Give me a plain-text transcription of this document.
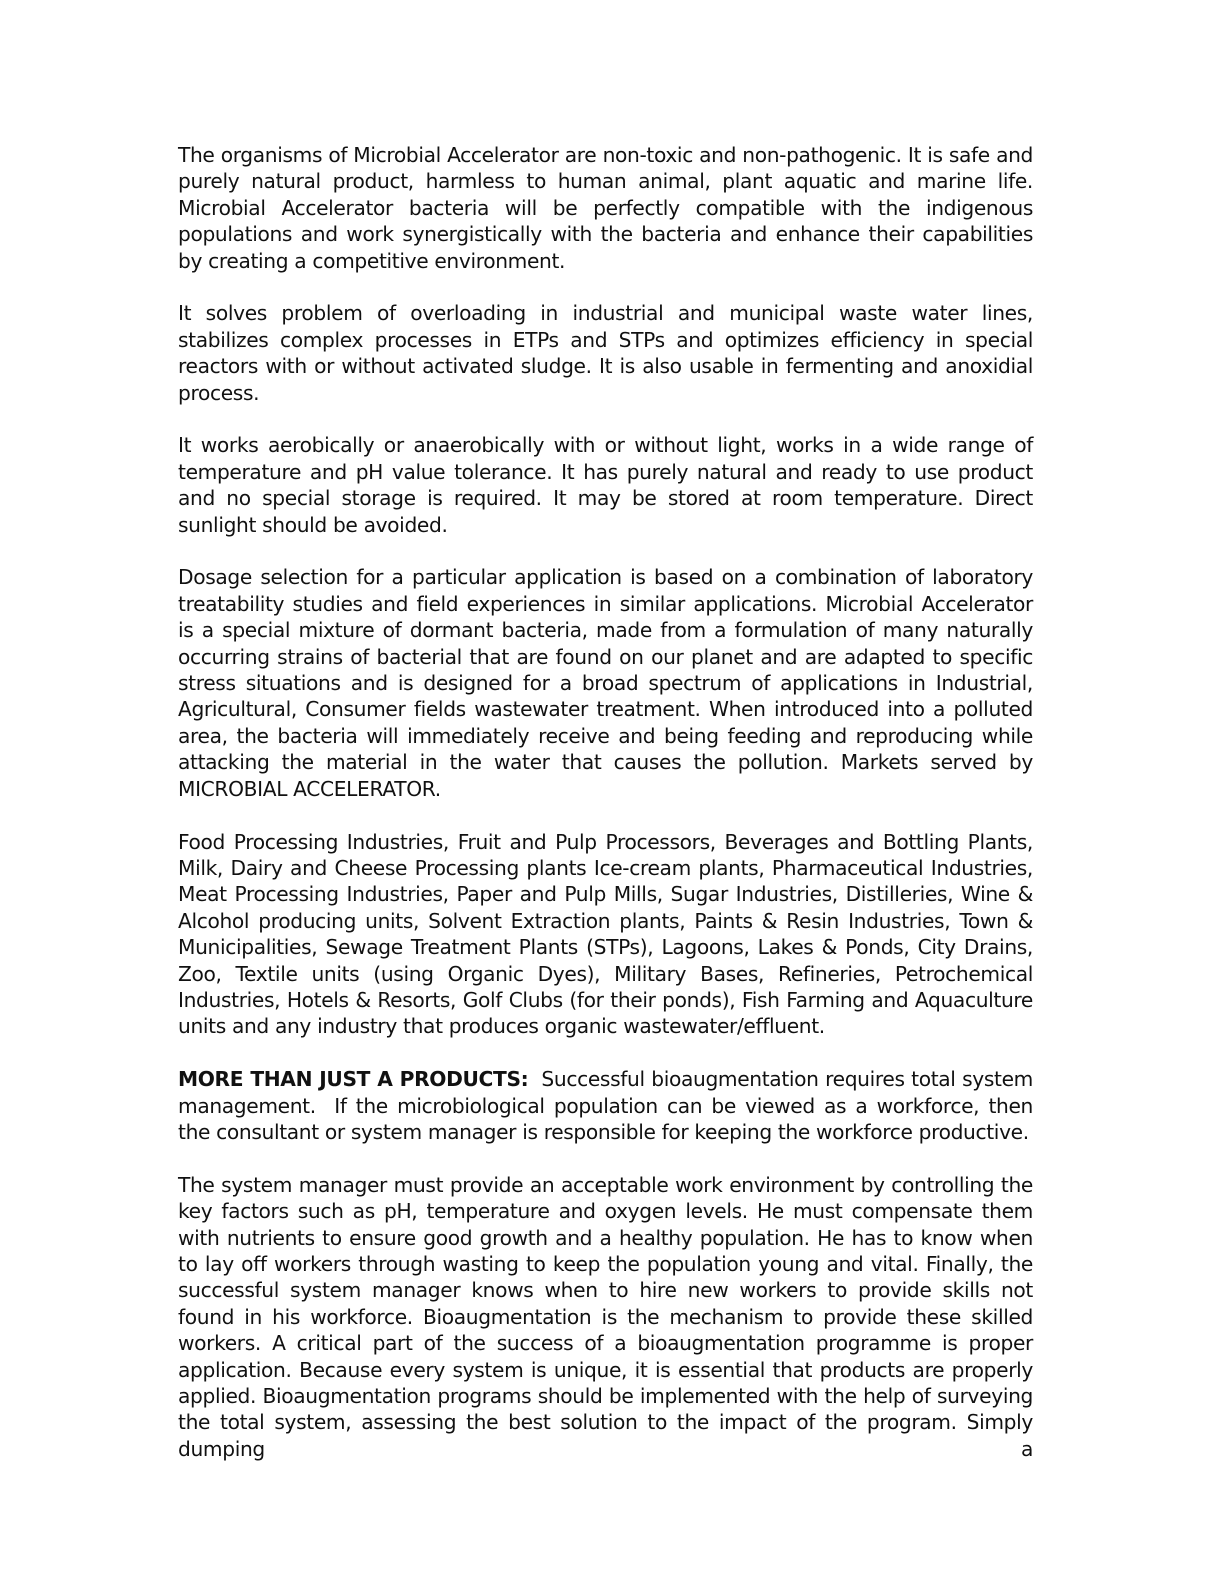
The organisms of Microbial Accelerator are non-toxic and non-pathogenic. It is safe and purely natural product, harmless to human animal, plant aquatic and marine life. Microbial Accelerator bacteria will be perfectly compatible with the indigenous populations and work synergistically with the bacteria and enhance their capabilities by creating a competitive environment.

It solves problem of overloading in industrial and municipal waste water lines, stabilizes complex processes in ETPs and STPs and optimizes efficiency in special reactors with or without activated sludge. It is also usable in fermenting and anoxidial process.

It works aerobically or anaerobically with or without light, works in a wide range of temperature and pH value tolerance. It has purely natural and ready to use product and no special storage is required. It may be stored at room temperature. Direct sunlight should be avoided.

Dosage selection for a particular application is based on a combination of laboratory treatability studies and field experiences in similar applications. Microbial Accelerator is a special mixture of dormant bacteria, made from a formulation of many naturally occurring strains of bacterial that are found on our planet and are adapted to specific stress situations and is designed for a broad spectrum of applications in Industrial, Agricultural, Consumer fields wastewater treatment. When introduced into a polluted area, the bacteria will immediately receive and being feeding and reproducing while attacking the material in the water that causes the pollution. Markets served by MICROBIAL ACCELERATOR.

Food Processing Industries, Fruit and Pulp Processors, Beverages and Bottling Plants, Milk, Dairy and Cheese Processing plants Ice-cream plants, Pharmaceutical Industries, Meat Processing Industries, Paper and Pulp Mills, Sugar Industries, Distilleries, Wine & Alcohol producing units, Solvent Extraction plants, Paints & Resin Industries, Town & Municipalities, Sewage Treatment Plants (STPs), Lagoons, Lakes & Ponds, City Drains, Zoo, Textile units (using Organic Dyes), Military Bases, Refineries, Petrochemical Industries, Hotels & Resorts, Golf Clubs (for their ponds), Fish Farming and Aquaculture units and any industry that produces organic wastewater/effluent.

MORE THAN JUST A PRODUCTS:  Successful bioaugmentation requires total system management.  If the microbiological population can be viewed as a workforce, then the consultant or system manager is responsible for keeping the workforce productive.

The system manager must provide an acceptable work environment by controlling the key factors such as pH, temperature and oxygen levels. He must compensate them with nutrients to ensure good growth and a healthy population. He has to know when to lay off workers through wasting to keep the population young and vital. Finally, the successful system manager knows when to hire new workers to provide skills not found in his workforce. Bioaugmentation is the mechanism to provide these skilled workers. A critical part of the success of a bioaugmentation programme is proper application. Because every system is unique, it is essential that products are properly applied. Bioaugmentation programs should be implemented with the help of surveying the total system, assessing the best solution to the impact of the program. Simply dumping a
